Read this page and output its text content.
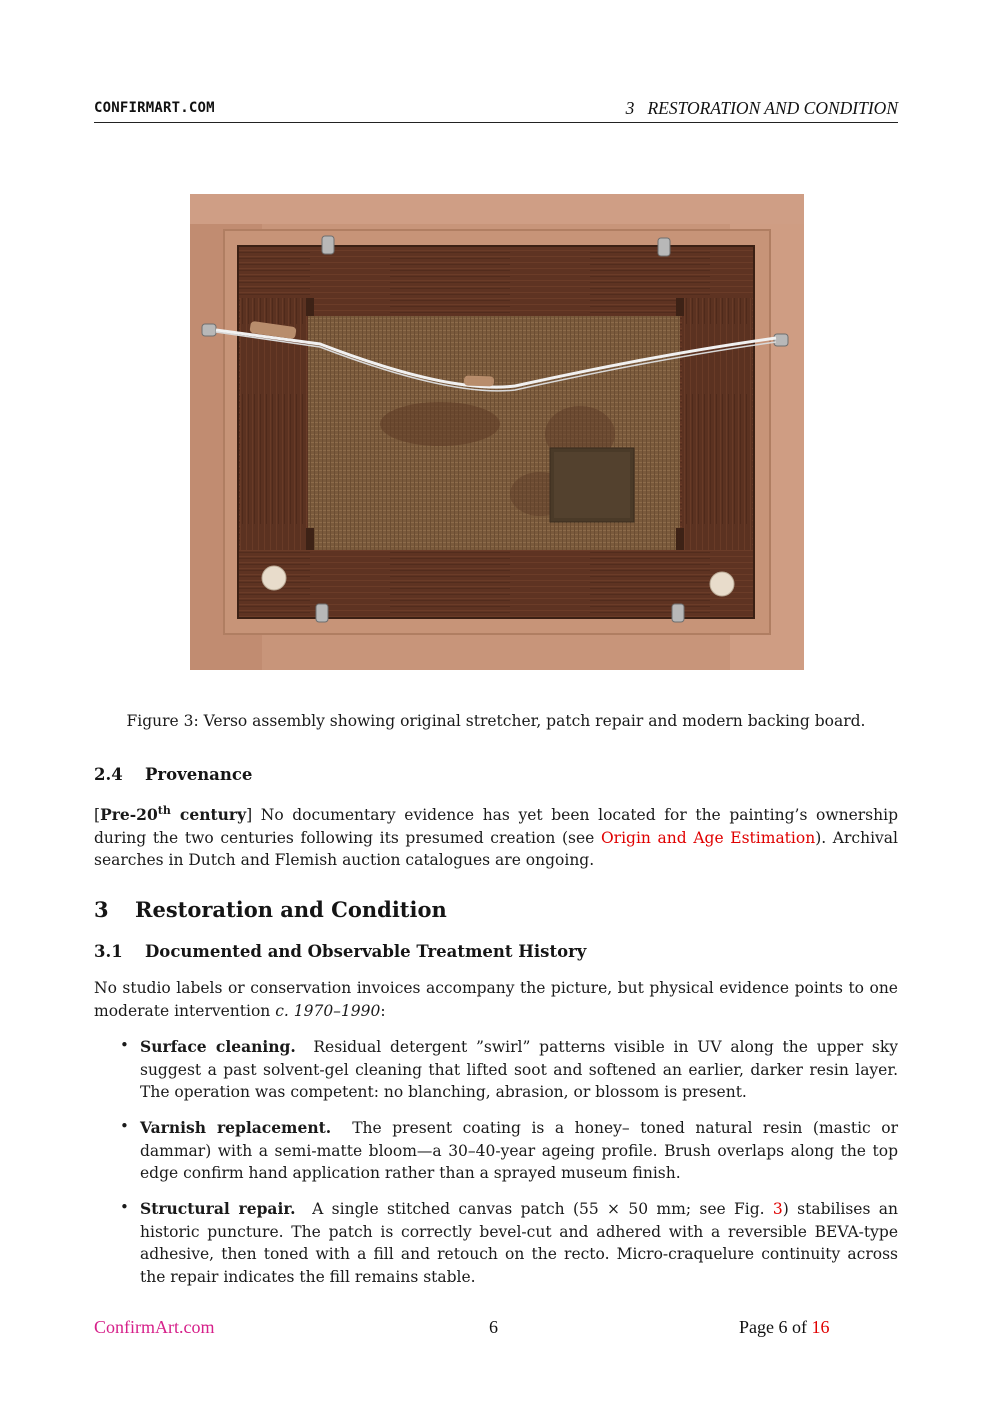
CONFIRMART.COM	3   RESTORATION AND CONDITION
Figure 3: Verso assembly showing original stretcher, patch repair and modern backing board.
2.4 Provenance
[Pre-20th century] No documentary evidence has yet been located for the painting’s ownership during the two centuries following its presumed creation (see Origin and Age Estimation). Archival searches in Dutch and Flemish auction catalogues are ongoing.
3 Restoration and Condition
3.1 Documented and Observable Treatment History
No studio labels or conservation invoices accompany the picture, but physical evidence points to one moderate intervention c. 1970–1990:
• Surface cleaning.  Residual detergent ”swirl” patterns visible in UV along the upper sky suggest a past solvent-gel cleaning that lifted soot and softened an earlier, darker resin layer. The operation was competent: no blanching, abrasion, or blossom is present.
• Varnish replacement.  The present coating is a honey– toned natural resin (mastic or dammar) with a semi-matte bloom—a 30–40-year ageing profile. Brush overlaps along the top edge confirm hand application rather than a sprayed museum finish.
• Structural repair.  A single stitched canvas patch (55 × 50 mm; see Fig. 3) stabilises an historic puncture. The patch is correctly bevel-cut and adhered with a reversible BEVA-type adhesive, then toned with a fill and retouch on the recto. Micro-craquelure continuity across the repair indicates the fill remains stable.
ConfirmArt.com	6	Page 6 of 16
